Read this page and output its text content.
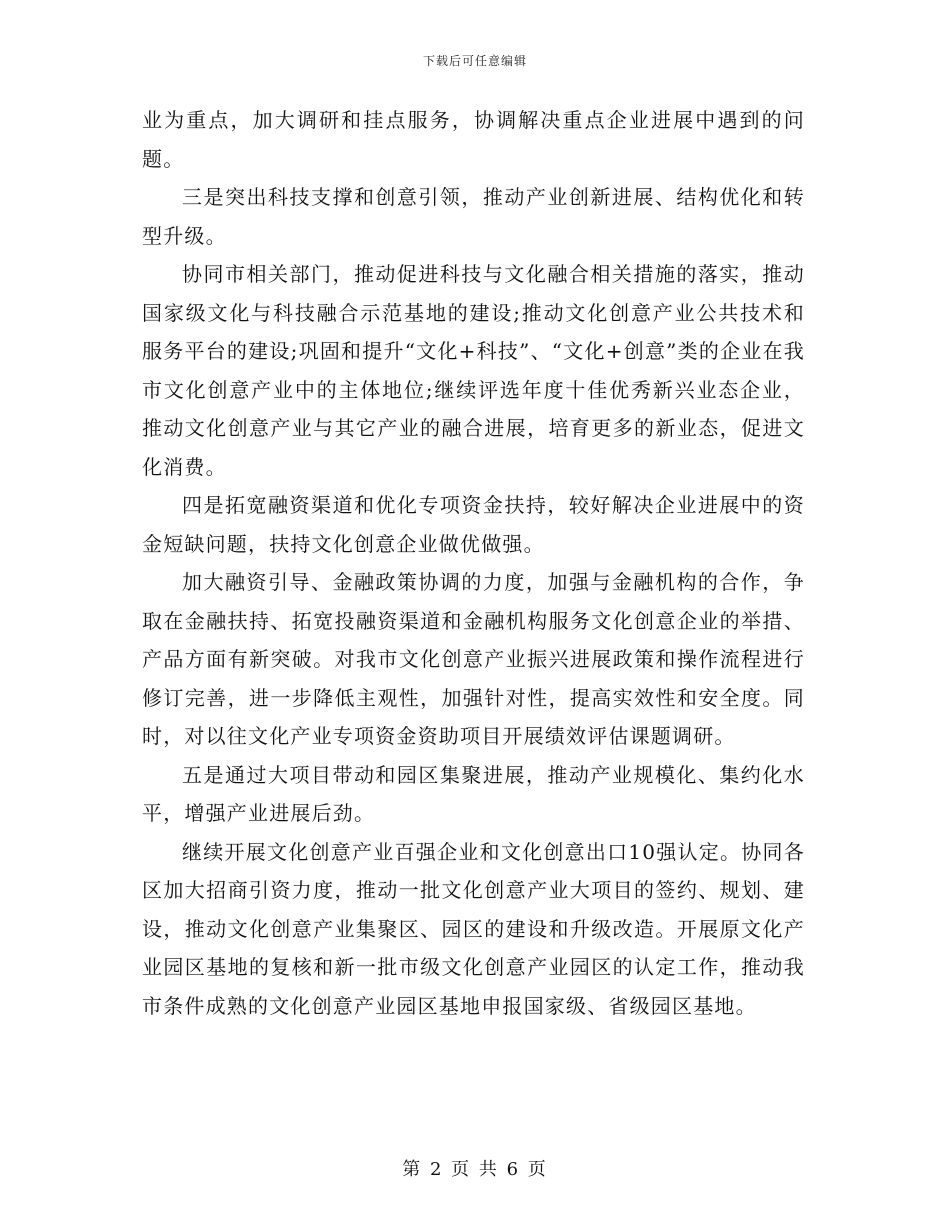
下载后可任意编辑

业为重点，加大调研和挂点服务，协调解决重点企业进展中遇到的问题。

三是突出科技支撑和创意引领，推动产业创新进展、结构优化和转型升级。

协同市相关部门，推动促进科技与文化融合相关措施的落实，推动国家级文化与科技融合示范基地的建设;推动文化创意产业公共技术和服务平台的建设;巩固和提升“文化+科技”、“文化+创意”类的企业在我市文化创意产业中的主体地位;继续评选年度十佳优秀新兴业态企业，推动文化创意产业与其它产业的融合进展，培育更多的新业态，促进文化消费。

四是拓宽融资渠道和优化专项资金扶持，较好解决企业进展中的资金短缺问题，扶持文化创意企业做优做强。

加大融资引导、金融政策协调的力度，加强与金融机构的合作，争取在金融扶持、拓宽投融资渠道和金融机构服务文化创意企业的举措、产品方面有新突破。对我市文化创意产业振兴进展政策和操作流程进行修订完善，进一步降低主观性，加强针对性，提高实效性和安全度。同时，对以往文化产业专项资金资助项目开展绩效评估课题调研。

五是通过大项目带动和园区集聚进展，推动产业规模化、集约化水平，增强产业进展后劲。

继续开展文化创意产业百强企业和文化创意出口10强认定。协同各区加大招商引资力度，推动一批文化创意产业大项目的签约、规划、建设，推动文化创意产业集聚区、园区的建设和升级改造。开展原文化产业园区基地的复核和新一批市级文化创意产业园区的认定工作，推动我市条件成熟的文化创意产业园区基地申报国家级、省级园区基地。

第 2 页 共 6 页
